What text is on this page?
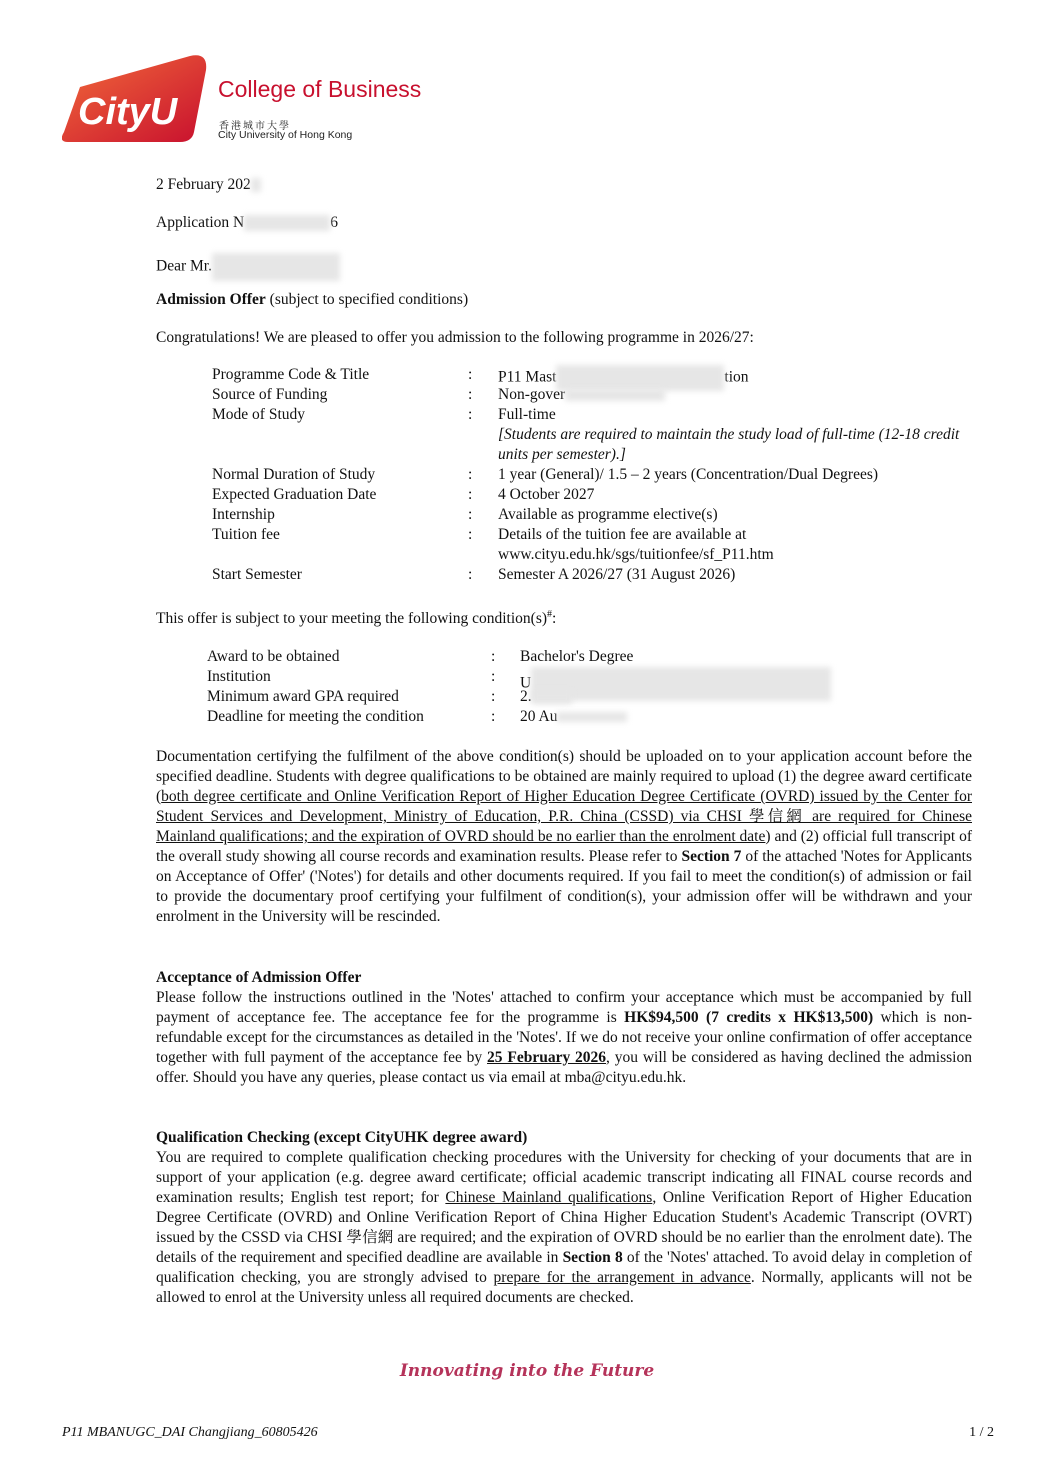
CityU
College of Business
香港城市大學
City University of Hong Kong
2 February 202
Application N	6
Dear Mr.
Admission Offer (subject to specified conditions)
Congratulations! We are pleased to offer you admission to the following programme in 2026/27:
Programme Code & Title	: P11 Mast	tion
Source of Funding	: Non-gover
Mode of Study	: Full-time
[Students are required to maintain the study load of full-time (12-18 credit units per semester).]
Normal Duration of Study	: 1 year (General)/ 1.5 – 2 years (Concentration/Dual Degrees)
Expected Graduation Date	: 4 October 2027
Internship	: Available as programme elective(s)
Tuition fee	: Details of the tuition fee are available at
www.cityu.edu.hk/sgs/tuitionfee/sf_P11.htm
Start Semester	: Semester A 2026/27 (31 August 2026)
This offer is subject to your meeting the following condition(s)#:
Award to be obtained	: Bachelor's Degree
Institution	: U
Minimum award GPA required	: 2.
Deadline for meeting the condition	: 20 Au
Documentation certifying the fulfilment of the above condition(s) should be uploaded on to your application account before the specified deadline. Students with degree qualifications to be obtained are mainly required to upload (1) the degree award certificate (both degree certificate and Online Verification Report of Higher Education Degree Certificate (OVRD) issued by the Center for Student Services and Development, Ministry of Education, P.R. China (CSSD) via CHSI 學信網 are required for Chinese Mainland qualifications; and the expiration of OVRD should be no earlier than the enrolment date) and (2) official full transcript of the overall study showing all course records and examination results. Please refer to Section 7 of the attached 'Notes for Applicants on Acceptance of Offer' ('Notes') for details and other documents required. If you fail to meet the condition(s) of admission or fail to provide the documentary proof certifying your fulfilment of condition(s), your admission offer will be withdrawn and your enrolment in the University will be rescinded.
Acceptance of Admission Offer
Please follow the instructions outlined in the 'Notes' attached to confirm your acceptance which must be accompanied by full payment of acceptance fee. The acceptance fee for the programme is HK$94,500 (7 credits x HK$13,500) which is non-refundable except for the circumstances as detailed in the 'Notes'. If we do not receive your online confirmation of offer acceptance together with full payment of the acceptance fee by 25 February 2026, you will be considered as having declined the admission offer. Should you have any queries, please contact us via email at mba@cityu.edu.hk.
Qualification Checking (except CityUHK degree award)
You are required to complete qualification checking procedures with the University for checking of your documents that are in support of your application (e.g. degree award certificate; official academic transcript indicating all FINAL course records and examination results; English test report; for Chinese Mainland qualifications, Online Verification Report of Higher Education Degree Certificate (OVRD) and Online Verification Report of China Higher Education Student's Academic Transcript (OVRT) issued by the CSSD via CHSI 學信網 are required; and the expiration of OVRD should be no earlier than the enrolment date). The details of the requirement and specified deadline are available in Section 8 of the 'Notes' attached. To avoid delay in completion of qualification checking, you are strongly advised to prepare for the arrangement in advance. Normally, applicants will not be allowed to enrol at the University unless all required documents are checked.
Innovating into the Future
P11 MBANUGC_DAI Changjiang_60805426	1 / 2
